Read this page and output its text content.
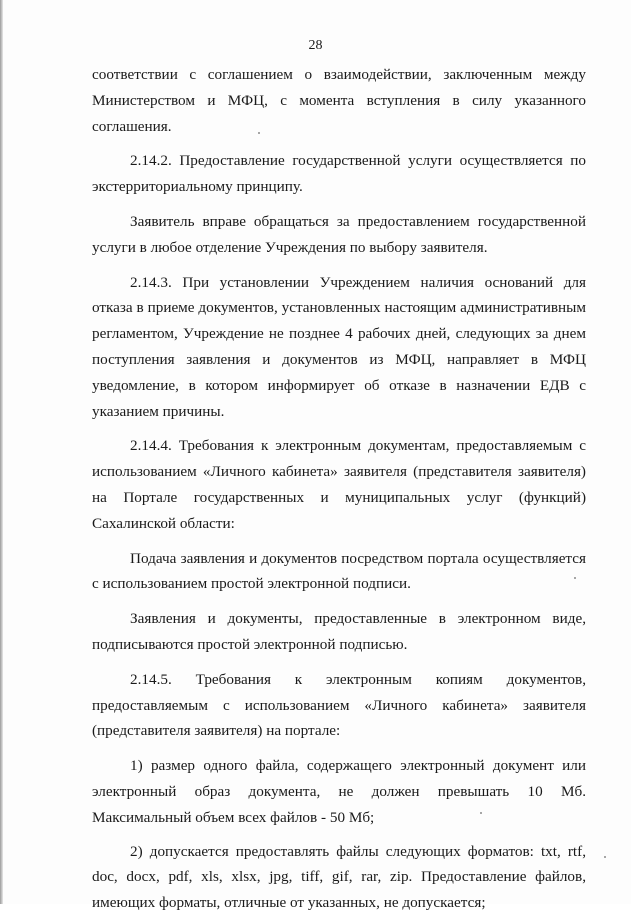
28

соответствии с соглашением о взаимодействии, заключенным между Министерством и МФЦ, с момента вступления в силу указанного соглашения.

2.14.2. Предоставление государственной услуги осуществляется по экстерриториальному принципу.

Заявитель вправе обращаться за предоставлением государственной услуги в любое отделение Учреждения по выбору заявителя.

2.14.3. При установлении Учреждением наличия оснований для отказа в приеме документов, установленных настоящим административным регламентом, Учреждение не позднее 4 рабочих дней, следующих за днем поступления заявления и документов из МФЦ, направляет в МФЦ уведомление, в котором информирует об отказе в назначении ЕДВ с указанием причины.

2.14.4. Требования к электронным документам, предоставляемым с использованием «Личного кабинета» заявителя (представителя заявителя) на Портале государственных и муниципальных услуг (функций) Сахалинской области:

Подача заявления и документов посредством портала осуществляется с использованием простой электронной подписи.

Заявления и документы, предоставленные в электронном виде, подписываются простой электронной подписью.

2.14.5. Требования к электронным копиям документов, предоставляемым с использованием «Личного кабинета» заявителя (представителя заявителя) на портале:

1) размер одного файла, содержащего электронный документ или электронный образ документа, не должен превышать 10 Мб. Максимальный объем всех файлов - 50 Мб;

2) допускается предоставлять файлы следующих форматов: txt, rtf, doc, docx, pdf, xls, xlsx, jpg, tiff, gif, rar, zip. Предоставление файлов, имеющих форматы, отличные от указанных, не допускается;
